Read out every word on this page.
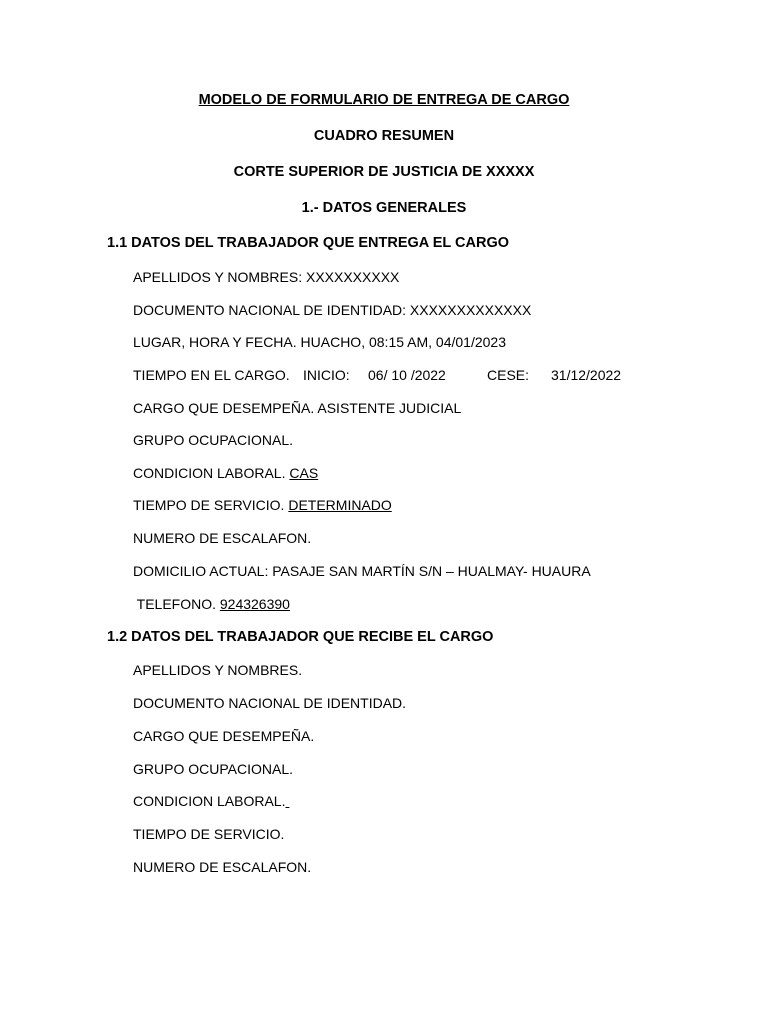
MODELO DE FORMULARIO DE ENTREGA DE CARGO
CUADRO RESUMEN
CORTE SUPERIOR DE JUSTICIA DE XXXXX
1.- DATOS GENERALES
1.1 DATOS DEL TRABAJADOR QUE ENTREGA EL CARGO
APELLIDOS Y NOMBRES: XXXXXXXXXX
DOCUMENTO NACIONAL DE IDENTIDAD: XXXXXXXXXXXXX
LUGAR, HORA Y FECHA. HUACHO, 08:15 AM, 04/01/2023
TIEMPO EN EL CARGO. INICIO: 06/ 10 /2022	CESE: 31/12/2022
CARGO QUE DESEMPEÑA. ASISTENTE JUDICIAL
GRUPO OCUPACIONAL.
CONDICION LABORAL. CAS
TIEMPO DE SERVICIO. DETERMINADO
NUMERO DE ESCALAFON.
DOMICILIO ACTUAL: PASAJE SAN MARTÍN S/N – HUALMAY- HUAURA
TELEFONO. 924326390
1.2 DATOS DEL TRABAJADOR QUE RECIBE EL CARGO
APELLIDOS Y NOMBRES.
DOCUMENTO NACIONAL DE IDENTIDAD.
CARGO QUE DESEMPEÑA.
GRUPO OCUPACIONAL.
CONDICION LABORAL.
TIEMPO DE SERVICIO.
NUMERO DE ESCALAFON.
